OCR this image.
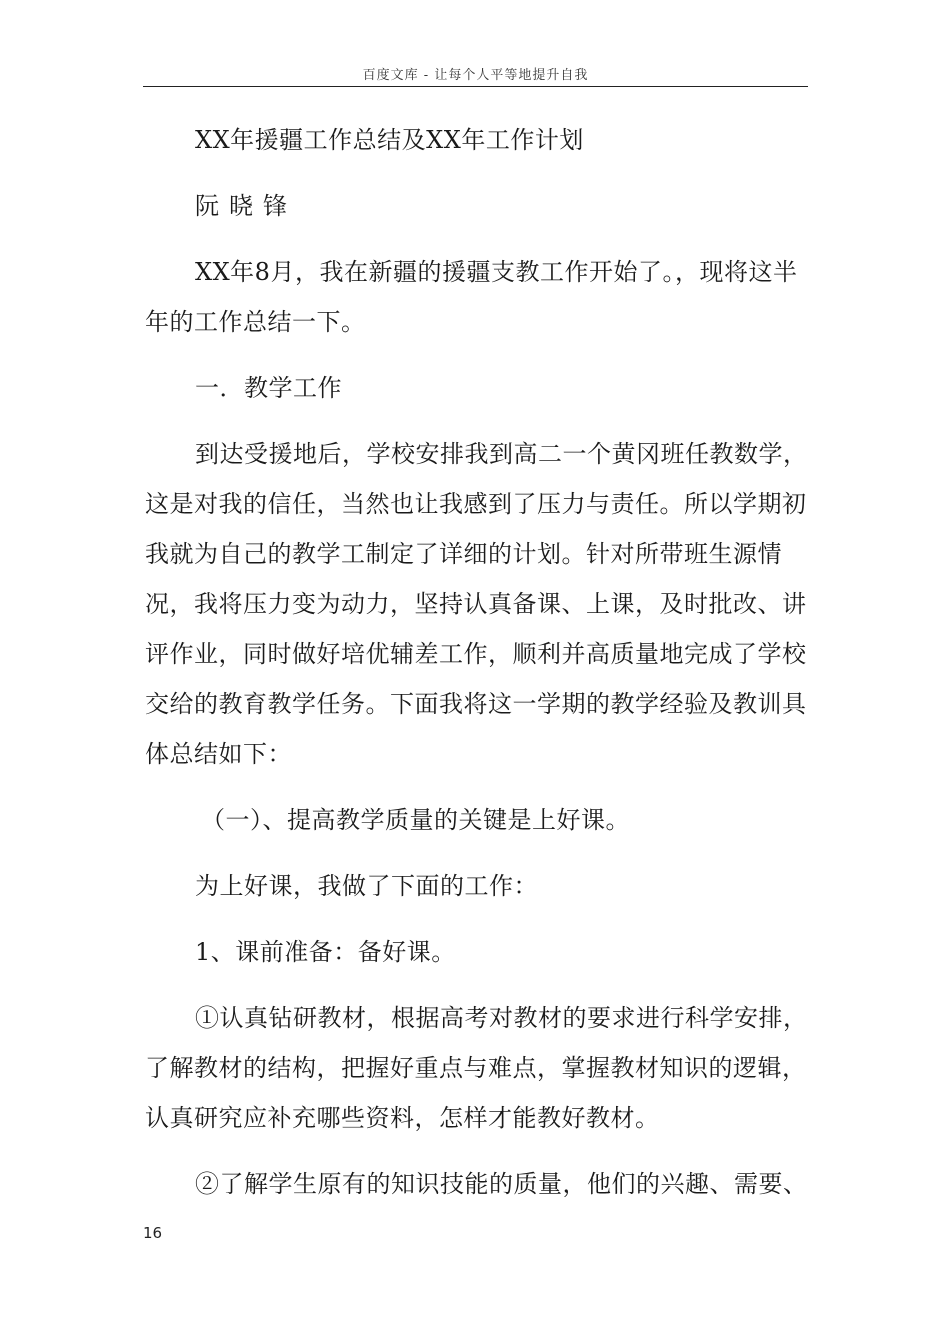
百度文库 - 让每个人平等地提升自我
XX年援疆工作总结及XX年工作计划
阮晓锋
XX年8月，我在新疆的援疆支教工作开始了。，现将这半年的工作总结一下。
一．教学工作
到达受援地后，学校安排我到高二一个黄冈班任教数学，这是对我的信任，当然也让我感到了压力与责任。所以学期初我就为自己的教学工制定了详细的计划。针对所带班生源情况，我将压力变为动力，坚持认真备课、上课，及时批改、讲评作业，同时做好培优辅差工作，顺利并高质量地完成了学校交给的教育教学任务。下面我将这一学期的教学经验及教训具体总结如下：
（一）、提高教学质量的关键是上好课。
为上好课，我做了下面的工作：
1、课前准备：备好课。
①认真钻研教材，根据高考对教材的要求进行科学安排，了解教材的结构，把握好重点与难点，掌握教材知识的逻辑，认真研究应补充哪些资料，怎样才能教好教材。
②了解学生原有的知识技能的质量，他们的兴趣、需要、
16
